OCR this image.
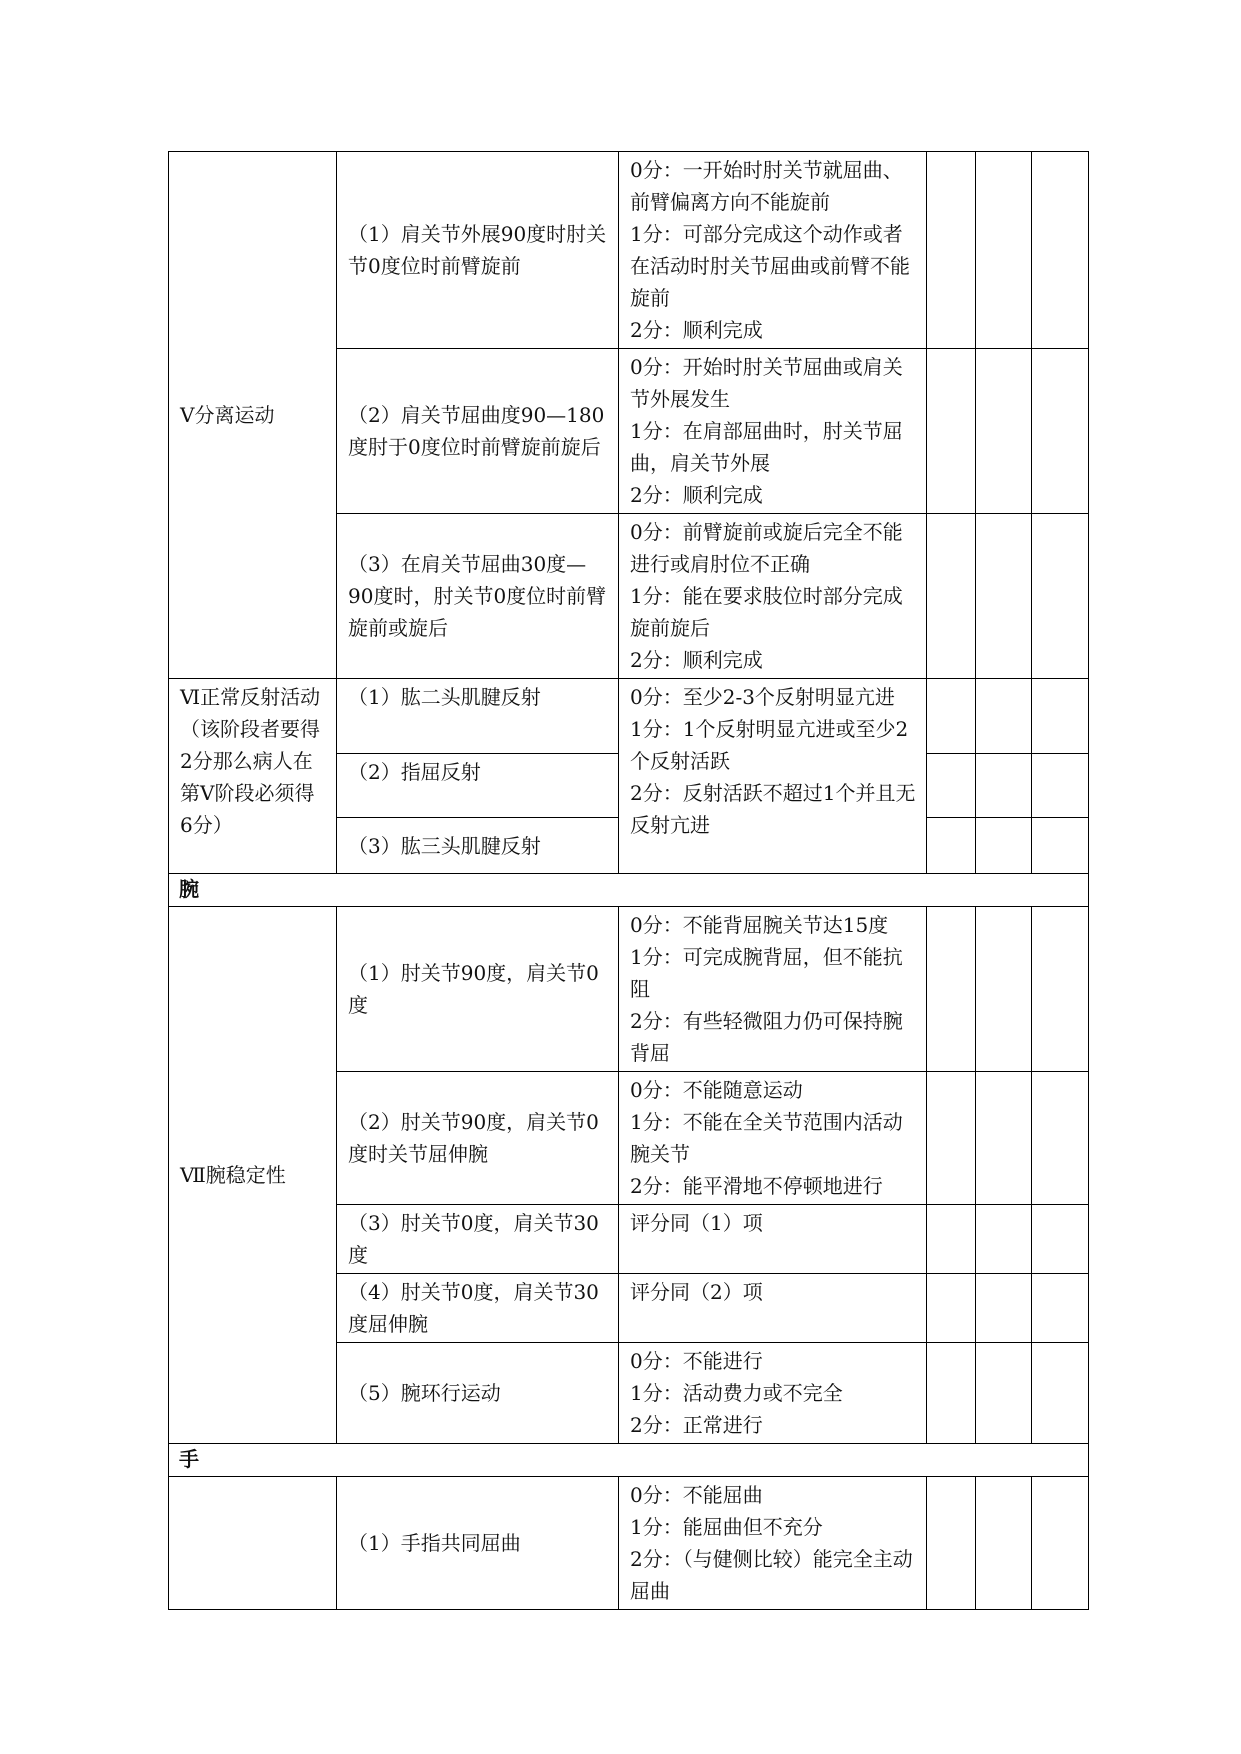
Ⅴ分离运动	（1）肩关节外展90度时肘关节0度位时前臂旋前	0分：一开始时肘关节就屈曲、前臂偏离方向不能旋前
1分：可部分完成这个动作或者在活动时肘关节屈曲或前臂不能旋前
2分：顺利完成			

	（2）肩关节屈曲度90—180度肘于0度位时前臂旋前旋后	0分：开始时肘关节屈曲或肩关节外展发生
1分：在肩部屈曲时，肘关节屈曲，肩关节外展
2分：顺利完成			

	（3）在肩关节屈曲30度—90度时，肘关节0度位时前臂旋前或旋后	0分：前臂旋前或旋后完全不能进行或肩肘位不正确
1分：能在要求肢位时部分完成旋前旋后
2分：顺利完成			

Ⅵ正常反射活动（该阶段者要得2分那么病人在第Ⅴ阶段必须得6分）	（1）肱二头肌腱反射	0分：至少2-3个反射明显亢进
1分：1个反射明显亢进或至少2个反射活跃
2分：反射活跃不超过1个并且无反射亢进			

	（2）指屈反射				
	（3）肱三头肌腱反射				
腕					
Ⅶ腕稳定性	（1）肘关节90度，肩关节0度	0分：不能背屈腕关节达15度
1分：可完成腕背屈，但不能抗阻
2分：有些轻微阻力仍可保持腕背屈			

	（2）肘关节90度，肩关节0度时关节屈伸腕	0分：不能随意运动
1分：不能在全关节范围内活动腕关节
2分：能平滑地不停顿地进行			

	（3）肘关节0度，肩关节30度	评分同（1）项			

	（4）肘关节0度，肩关节30度屈伸腕	评分同（2）项			

	（5）腕环行运动	0分：不能进行
1分：活动费力或不完全
2分：正常进行			

手					
	（1）手指共同屈曲	0分：不能屈曲
1分：能屈曲但不充分
2分：（与健侧比较）能完全主动屈曲			
